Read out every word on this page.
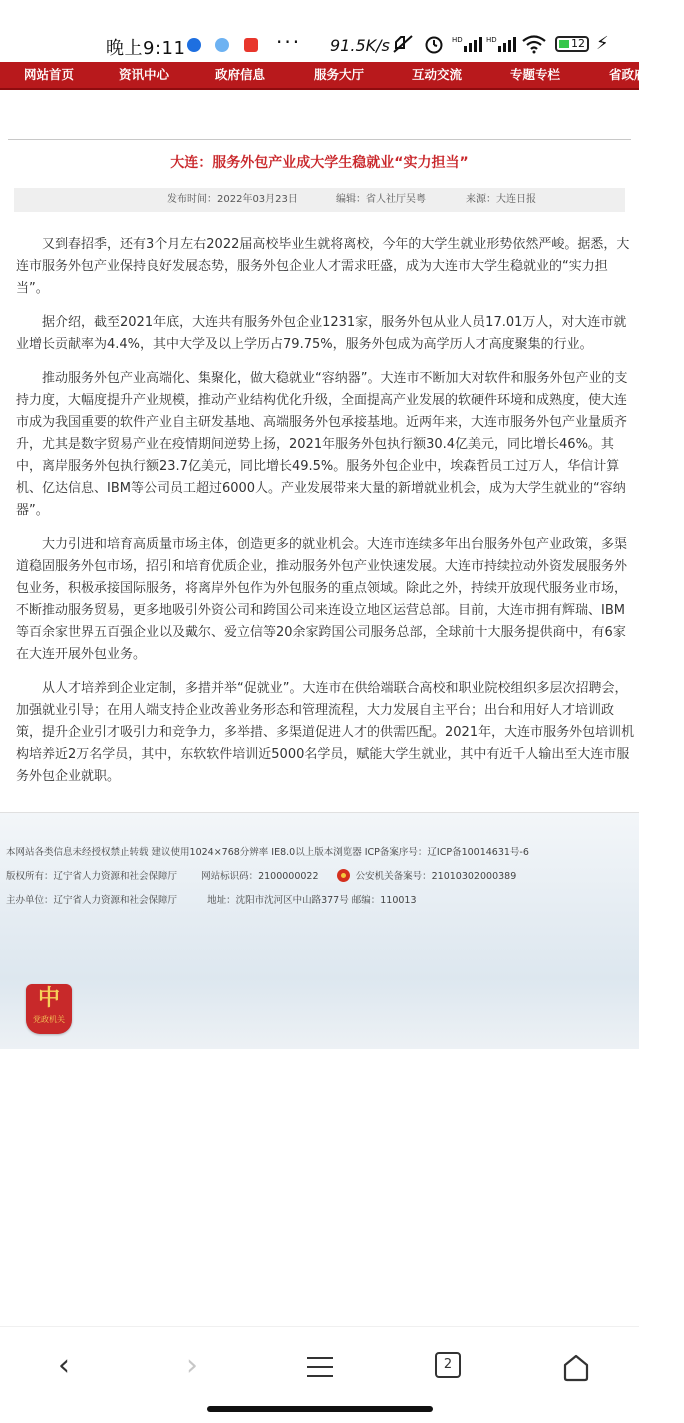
晚上9:11	··· 91.5K/s	HD	HD	12 ⚡
网站首页	资讯中心	政府信息	服务大厅	互动交流	专题专栏	省政府信
大连：服务外包产业成大学生稳就业“实力担当”
发布时间：2022年03月23日	编辑：省人社厅吴粤	来源：大连日报

又到春招季，还有3个月左右2022届高校毕业生就将离校，今年的大学生就业形势依然严峻。据悉，大连市服务外包产业保持良好发展态势，服务外包企业人才需求旺盛，成为大连市大学生稳就业的“实力担当”。

据介绍，截至2021年底，大连共有服务外包企业1231家，服务外包从业人员17.01万人，对大连市就业增长贡献率为4.4%，其中大学及以上学历占79.75%，服务外包成为高学历人才高度聚集的行业。

推动服务外包产业高端化、集聚化，做大稳就业“容纳器”。大连市不断加大对软件和服务外包产业的支持力度，大幅度提升产业规模，推动产业结构优化升级，全面提高产业发展的软硬件环境和成熟度，使大连市成为我国重要的软件产业自主研发基地、高端服务外包承接基地。近两年来，大连市服务外包产业量质齐升，尤其是数字贸易产业在疫情期间逆势上扬，2021年服务外包执行额30.4亿美元，同比增长46%。其中，离岸服务外包执行额23.7亿美元，同比增长49.5%。服务外包企业中，埃森哲员工过万人，华信计算机、亿达信息、IBM等公司员工超过6000人。产业发展带来大量的新增就业机会，成为大学生就业的“容纳器”。

大力引进和培育高质量市场主体，创造更多的就业机会。大连市连续多年出台服务外包产业政策，多渠道稳固服务外包市场，招引和培育优质企业，推动服务外包产业快速发展。大连市持续拉动外资发展服务外包业务，积极承接国际服务，将离岸外包作为外包服务的重点领域。除此之外，持续开放现代服务业市场，不断推动服务贸易，更多地吸引外资公司和跨国公司来连设立地区运营总部。目前，大连市拥有辉瑞、IBM等百余家世界五百强企业以及戴尔、爱立信等20余家跨国公司服务总部，全球前十大服务提供商中，有6家在大连开展外包业务。

从人才培养到企业定制，多措并举“促就业”。大连市在供给端联合高校和职业院校组织多层次招聘会，加强就业引导；在用人端支持企业改善业务形态和管理流程，大力发展自主平台；出台和用好人才培训政策，提升企业引才吸引力和竞争力，多举措、多渠道促进人才的供需匹配。2021年，大连市服务外包培训机构培养近2万名学员，其中，东软软件培训近5000名学员，赋能大学生就业，其中有近千人输出至大连市服务外包企业就职。

本网站各类信息未经授权禁止转载 建议使用1024×768分辨率 IE8.0以上版本浏览器 ICP备案序号：辽ICP备10014631号-6
版权所有：辽宁省人力资源和社会保障厅	网站标识码：2100000022	公安机关备案号：21010302000389
主办单位：辽宁省人力资源和社会保障厅	地址：沈阳市沈河区中山路377号 邮编：110013
中
党政机关
‹	›	2
